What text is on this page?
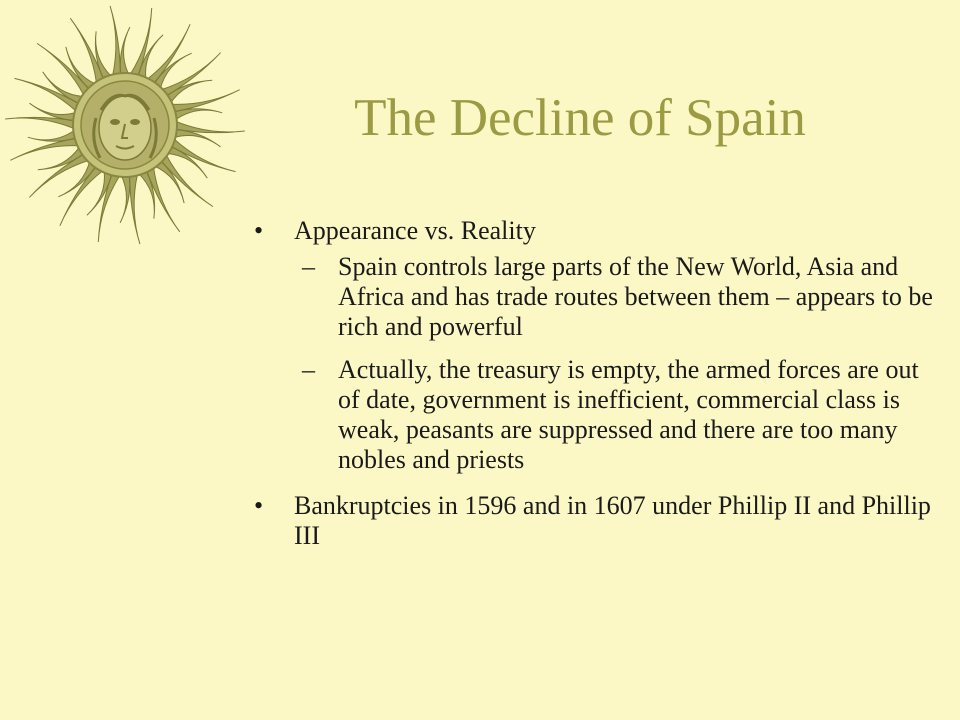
The Decline of Spain
•	Appearance vs. Reality
– Spain controls large parts of the New World, Asia and Africa and has trade routes between them – appears to be rich and powerful
– Actually, the treasury is empty, the armed forces are out of date, government is inefficient, commercial class is weak, peasants are suppressed and there are too many nobles and priests
•	Bankruptcies in 1596 and in 1607 under Phillip II and Phillip III
